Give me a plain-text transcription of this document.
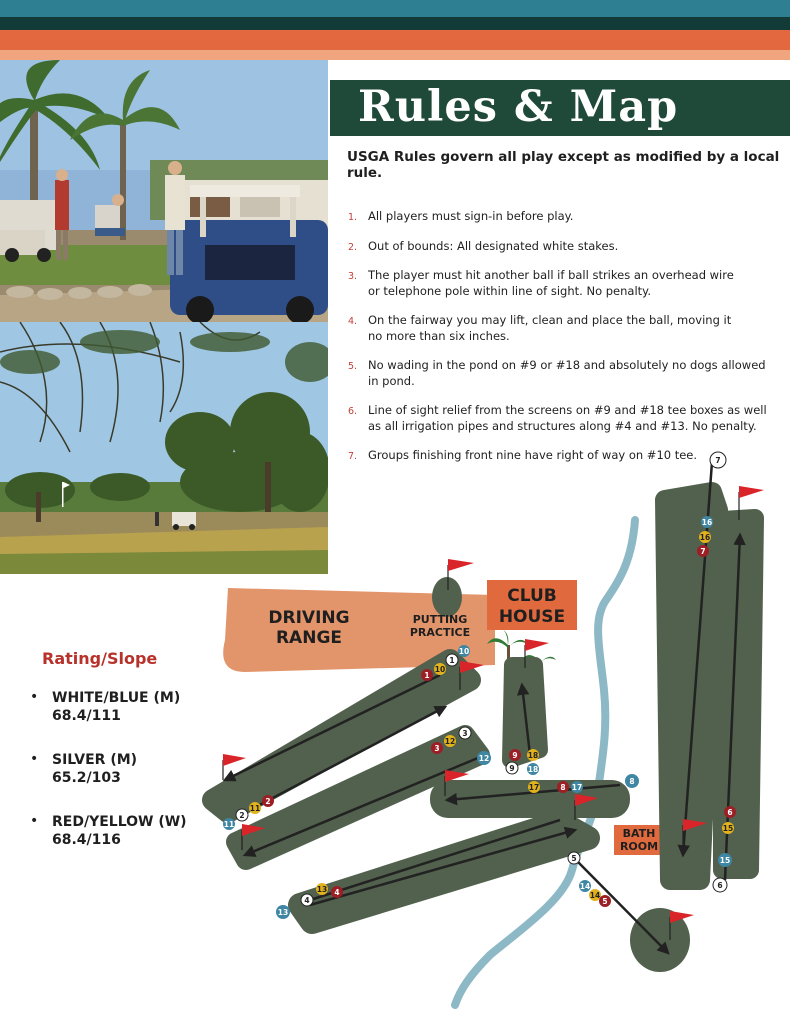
Rules & Map
USGA Rules govern all play except as modified by a local rule.
1. All players must sign-in before play.
2. Out of bounds: All designated white stakes.
3. The player must hit another ball if ball strikes an overhead wire or telephone pole within line of sight. No penalty.
4. On the fairway you may lift, clean and place the ball, moving it no more than six inches.
5. No wading in the pond on #9 or #18 and absolutely no dogs allowed in pond.
6. Line of sight relief from the screens on #9 and #18 tee boxes as well as all irrigation pipes and structures along #4 and #13. No penalty.
7. Groups finishing front nine have right of way on #10 tee.
Rating/Slope
• WHITE/BLUE (M)
68.4/111
• SILVER (M)
65.2/103
• RED/YELLOW (W)
68.4/116
DRIVING
RANGE
PUTTING
PRACTICE
CLUB
HOUSE
BATH
ROOM
1
10
1
10
11
2
11
2
3
12
3
12	9 18
9 18
17	8 17
8
13
4
13 4
5
14
14
5
7
16
16
7
6
15
15
6
